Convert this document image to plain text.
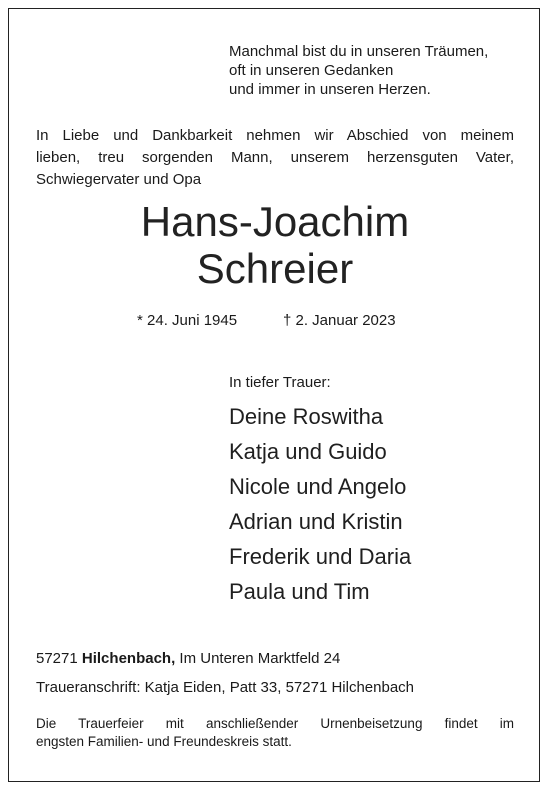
Manchmal bist du in unseren Träumen,
oft in unseren Gedanken
und immer in unseren Herzen.
In Liebe und Dankbarkeit nehmen wir Abschied von meinem
lieben, treu sorgenden Mann, unserem herzensguten Vater,
Schwiegervater und Opa
Hans-Joachim
Schreier
* 24. Juni 1945	† 2. Januar 2023
In tiefer Trauer:
Deine Roswitha
Katja und Guido
Nicole und Angelo
Adrian und Kristin
Frederik und Daria
Paula und Tim
57271 Hilchenbach, Im Unteren Marktfeld 24
Traueranschrift: Katja Eiden, Patt 33, 57271 Hilchenbach
Die Trauerfeier mit anschließender Urnenbeisetzung findet im
engsten Familien- und Freundeskreis statt.
